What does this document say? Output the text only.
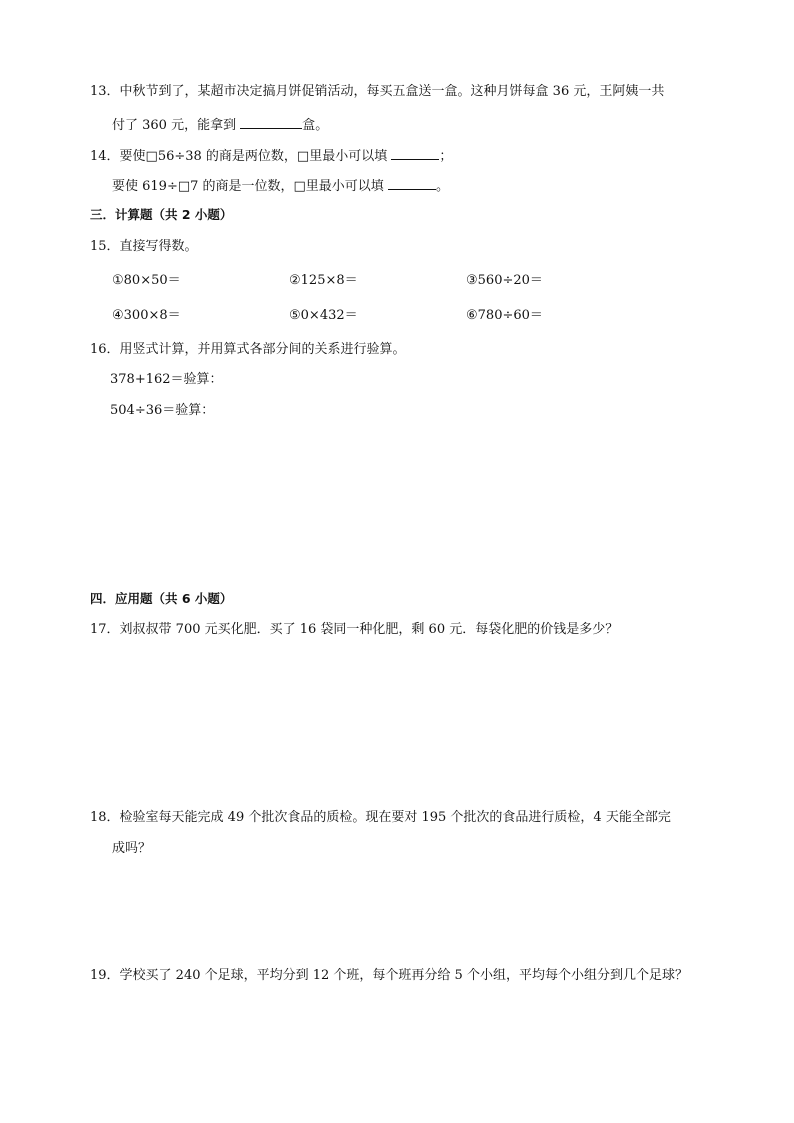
13．中秋节到了，某超市决定搞月饼促销活动，每买五盒送一盒。这种月饼每盒 36 元，王阿姨一共
付了 360 元，能拿到	盒。
14．要使□56÷38 的商是两位数，□里最小可以填	；
要使 619÷□7 的商是一位数，□里最小可以填	。
三．计算题（共 2 小题）
15．直接写得数。
①80×50＝	②125×8＝	③560÷20＝
④300×8＝	⑤0×432＝	⑥780÷60＝
16．用竖式计算，并用算式各部分间的关系进行验算。
378+162＝验算：
504÷36＝验算：
四．应用题（共 6 小题）
17．刘叔叔带 700 元买化肥．买了 16 袋同一种化肥，剩 60 元．每袋化肥的价钱是多少？
18．检验室每天能完成 49 个批次食品的质检。现在要对 195 个批次的食品进行质检，4 天能全部完
成吗？
19．学校买了 240 个足球，平均分到 12 个班，每个班再分给 5 个小组，平均每个小组分到几个足球？
